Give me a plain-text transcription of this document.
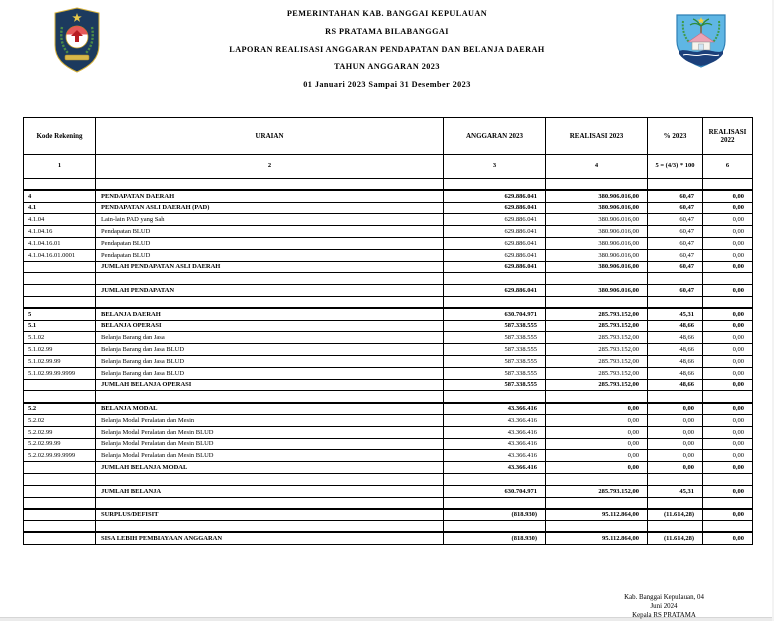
PEMERINTAHAN KAB. BANGGAI KEPULAUAN
RS PRATAMA BILABANGGAI
LAPORAN REALISASI ANGGARAN PENDAPATAN DAN BELANJA DAERAH
TAHUN ANGGARAN 2023
01 Januari 2023 Sampai 31 Desember 2023
Kode Rekening	URAIAN	ANGGARAN 2023	REALISASI 2023	% 2023	REALISASI 2022
1	2	3	4	5 = (4/3) * 100	6

4	PENDAPATAN DAERAH	629.886.041	380.906.016,00	60,47	0,00
4.1	PENDAPATAN ASLI DAERAH (PAD)	629.886.041	380.906.016,00	60,47	0,00
4.1.04	Lain-lain PAD yang Sah	629.886.041	380.906.016,00	60,47	0,00
4.1.04.16	Pendapatan BLUD	629.886.041	380.906.016,00	60,47	0,00
4.1.04.16.01	Pendapatan BLUD	629.886.041	380.906.016,00	60,47	0,00
4.1.04.16.01.0001	Pendapatan BLUD	629.886.041	380.906.016,00	60,47	0,00
	JUMLAH PENDAPATAN ASLI DAERAH	629.886.041	380.906.016,00	60,47	0,00

	JUMLAH PENDAPATAN	629.886.041	380.906.016,00	60,47	0,00

5	BELANJA DAERAH	630.704.971	285.793.152,00	45,31	0,00
5.1	BELANJA OPERASI	587.338.555	285.793.152,00	48,66	0,00
5.1.02	Belanja Barang dan Jasa	587.338.555	285.793.152,00	48,66	0,00
5.1.02.99	Belanja Barang dan Jasa BLUD	587.338.555	285.793.152,00	48,66	0,00
5.1.02.99.99	Belanja Barang dan Jasa BLUD	587.338.555	285.793.152,00	48,66	0,00
5.1.02.99.99.9999	Belanja Barang dan Jasa BLUD	587.338.555	285.793.152,00	48,66	0,00
	JUMLAH BELANJA OPERASI	587.338.555	285.793.152,00	48,66	0,00

5.2	BELANJA MODAL	43.366.416	0,00	0,00	0,00
5.2.02	Belanja Modal Peralatan dan Mesin	43.366.416	0,00	0,00	0,00
5.2.02.99	Belanja Modal Peralatan dan Mesin BLUD	43.366.416	0,00	0,00	0,00
5.2.02.99.99	Belanja Modal Peralatan dan Mesin BLUD	43.366.416	0,00	0,00	0,00
5.2.02.99.99.9999	Belanja Modal Peralatan dan Mesin BLUD	43.366.416	0,00	0,00	0,00
	JUMLAH BELANJA MODAL	43.366.416	0,00	0,00	0,00

	JUMLAH BELANJA	630.704.971	285.793.152,00	45,31	0,00

	SURPLUS/DEFISIT	(818.930)	95.112.864,00	(11.614,28)	0,00

	SISA LEBIH PEMBIAYAAN ANGGARAN	(818.930)	95.112.864,00	(11.614,28)	0,00
Kab. Banggai Kepulauan, 04
Juni 2024
Kepala RS PRATAMA
